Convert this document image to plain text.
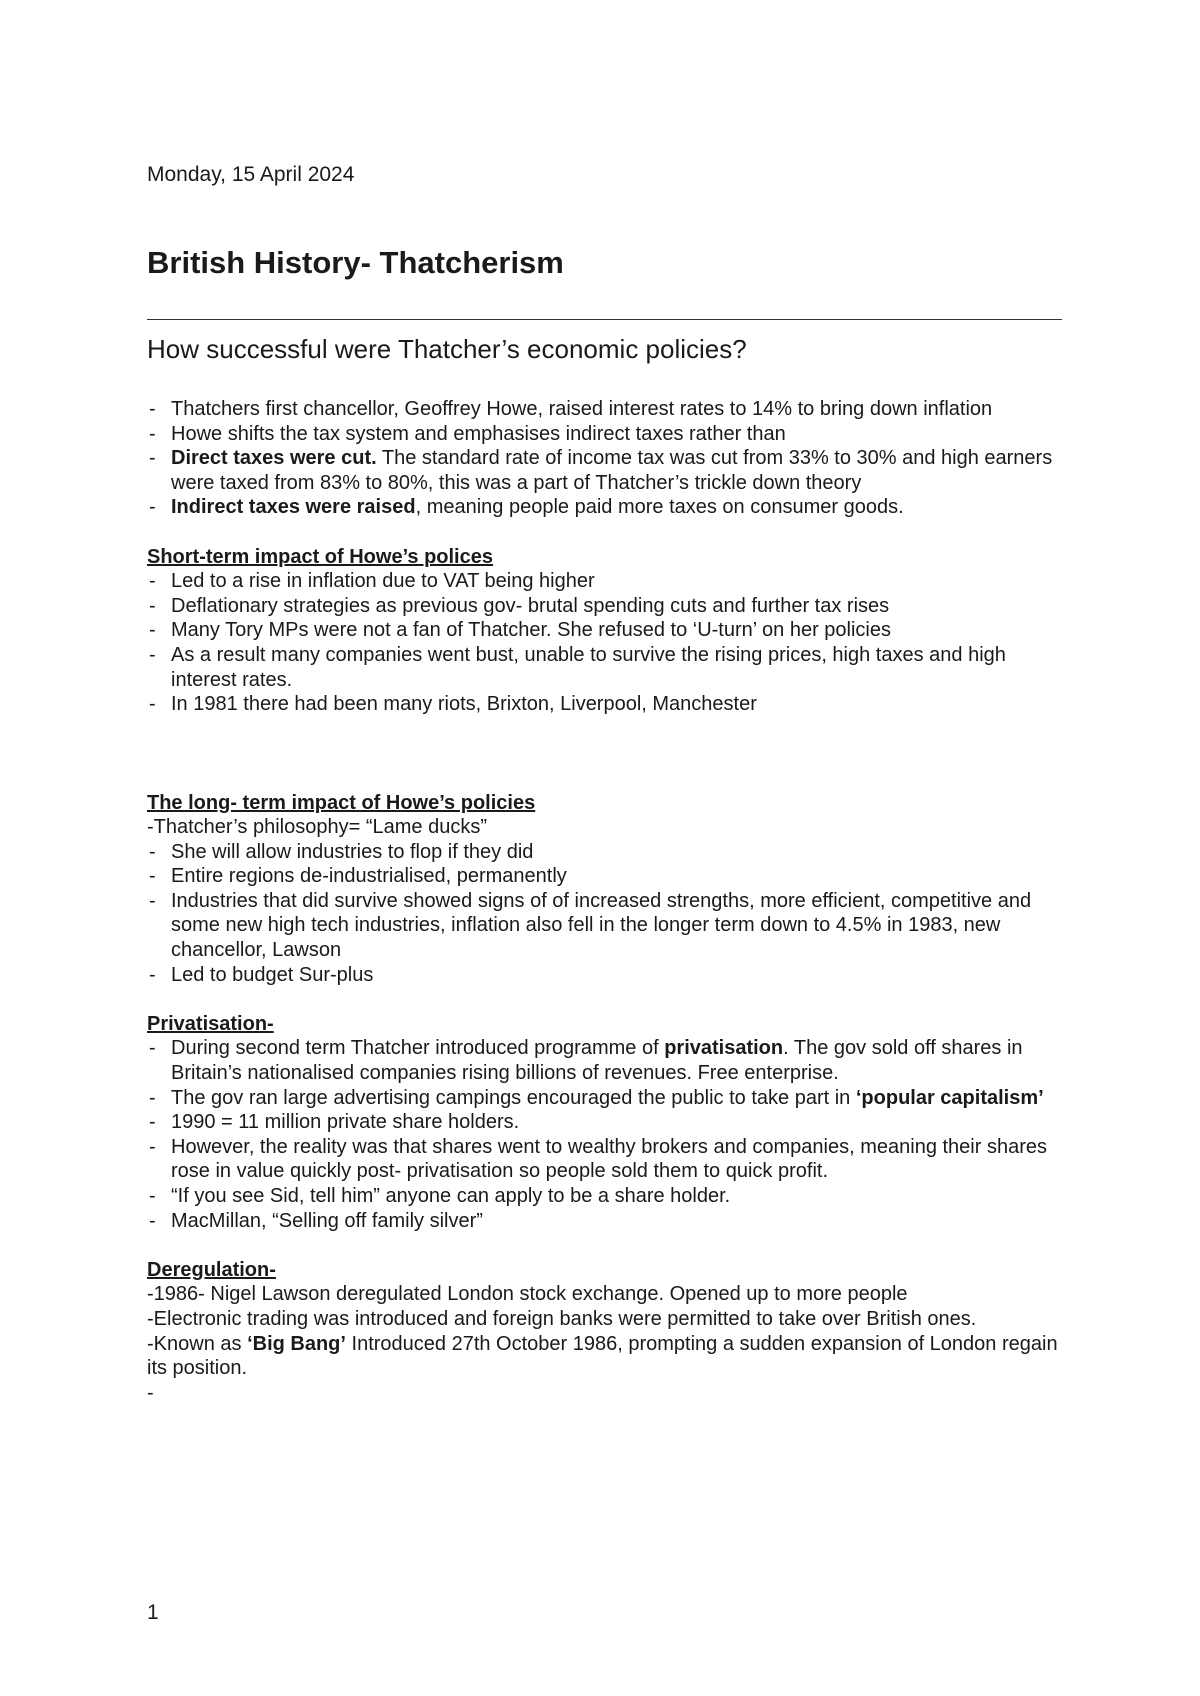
Monday, 15 April 2024
British History- Thatcherism
How successful were Thatcher’s economic policies?
- Thatchers first chancellor, Geoffrey Howe, raised interest rates to 14% to bring down inflation
- Howe shifts the tax system and emphasises indirect taxes rather than
- Direct taxes were cut. The standard rate of income tax was cut from 33% to 30% and high earners were taxed from 83% to 80%, this was a part of Thatcher’s trickle down theory
- Indirect taxes were raised, meaning people paid more taxes on consumer goods.
Short-term impact of Howe’s polices
- Led to a rise in inflation due to VAT being higher
- Deflationary strategies as previous gov- brutal spending cuts and further tax rises
- Many Tory MPs were not a fan of Thatcher. She refused to ‘U-turn’ on her policies
- As a result many companies went bust, unable to survive the rising prices, high taxes and high interest rates.
- In 1981 there had been many riots, Brixton, Liverpool, Manchester
The long- term impact of Howe’s policies
-Thatcher’s philosophy= “Lame ducks”
- She will allow industries to flop if they did
- Entire regions de-industrialised, permanently
- Industries that did survive showed signs of of increased strengths, more efficient, competitive and some new high tech industries, inflation also fell in the longer term down to 4.5% in 1983, new chancellor, Lawson
- Led to budget Sur-plus
Privatisation-
- During second term Thatcher introduced programme of privatisation. The gov sold off shares in Britain’s nationalised companies rising billions of revenues. Free enterprise.
- The gov ran large advertising campings encouraged the public to take part in ‘popular capitalism’
- 1990 = 11 million private share holders.
- However, the reality was that shares went to wealthy brokers and companies, meaning their shares rose in value quickly post- privatisation so people sold them to quick profit.
- “If you see Sid, tell him” anyone can apply to be a share holder.
- MacMillan, “Selling off family silver”
Deregulation-
-1986- Nigel Lawson deregulated London stock exchange. Opened up to more people
-Electronic trading was introduced and foreign banks were permitted to take over British ones.
-Known as ‘Big Bang’ Introduced 27th October 1986, prompting a sudden expansion of London regain its position.
-
1
